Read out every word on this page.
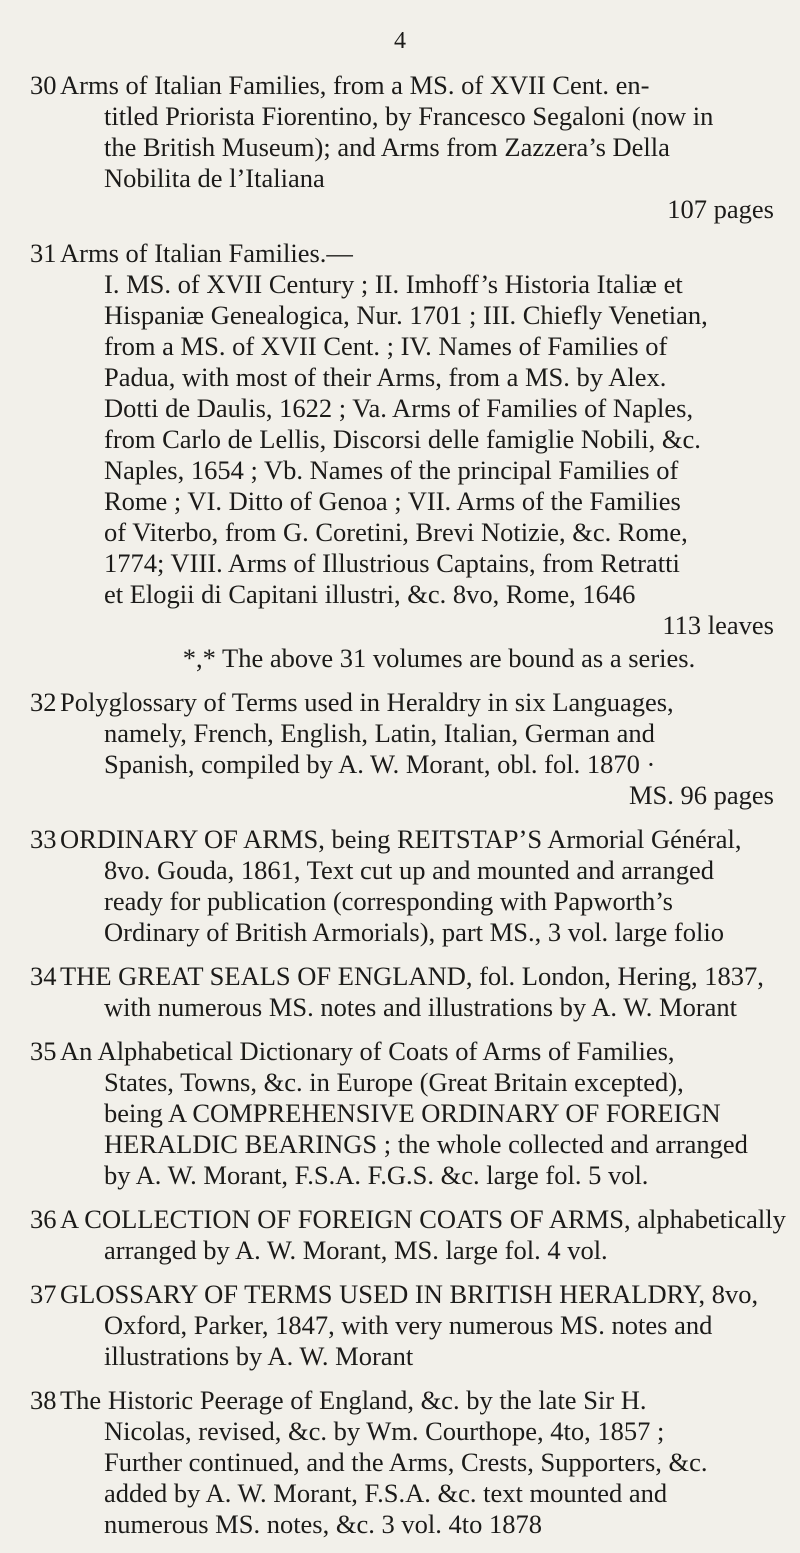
4
30 Arms of Italian Families, from a MS. of XVII Cent. en-
titled Priorista Fiorentino, by Francesco Segaloni (now in
the British Museum); and Arms from Zazzera’s Della
Nobilita de l’Italiana
107 pages
31 Arms of Italian Families.—
I. MS. of XVII Century ; II. Imhoff’s Historia Italiæ et
Hispaniæ Genealogica, Nur. 1701 ; III. Chiefly Venetian,
from a MS. of XVII Cent. ; IV. Names of Families of
Padua, with most of their Arms, from a MS. by Alex.
Dotti de Daulis, 1622 ; Va. Arms of Families of Naples,
from Carlo de Lellis, Discorsi delle famiglie Nobili, &c.
Naples, 1654 ; Vb. Names of the principal Families of
Rome ; VI. Ditto of Genoa ; VII. Arms of the Families
of Viterbo, from G. Coretini, Brevi Notizie, &c. Rome,
1774; VIII. Arms of Illustrious Captains, from Retratti
et Elogii di Capitani illustri, &c. 8vo, Rome, 1646
113 leaves
*,* The above 31 volumes are bound as a series.
32 Polyglossary of Terms used in Heraldry in six Languages,
namely, French, English, Latin, Italian, German and
Spanish, compiled by A. W. Morant, obl. fol. 1870 ·
MS. 96 pages
33 ORDINARY OF ARMS, being REITSTAP’S Armorial Général,
8vo. Gouda, 1861, Text cut up and mounted and arranged
ready for publication (corresponding with Papworth’s
Ordinary of British Armorials), part MS., 3 vol. large folio
34 THE GREAT SEALS OF ENGLAND, fol. London, Hering, 1837,
with numerous MS. notes and illustrations by A. W. Morant
35 An Alphabetical Dictionary of Coats of Arms of Families,
States, Towns, &c. in Europe (Great Britain excepted),
being A COMPREHENSIVE ORDINARY OF FOREIGN
HERALDIC BEARINGS ; the whole collected and arranged
by A. W. Morant, F.S.A. F.G.S. &c. large fol. 5 vol.
36 A COLLECTION OF FOREIGN COATS OF ARMS, alphabetically
arranged by A. W. Morant, MS. large fol. 4 vol.
37 GLOSSARY OF TERMS USED IN BRITISH HERALDRY, 8vo,
Oxford, Parker, 1847, with very numerous MS. notes and
illustrations by A. W. Morant
38 The Historic Peerage of England, &c. by the late Sir H.
Nicolas, revised, &c. by Wm. Courthope, 4to, 1857 ;
Further continued, and the Arms, Crests, Supporters, &c.
added by A. W. Morant, F.S.A. &c. text mounted and
numerous MS. notes, &c. 3 vol. 4to 1878
